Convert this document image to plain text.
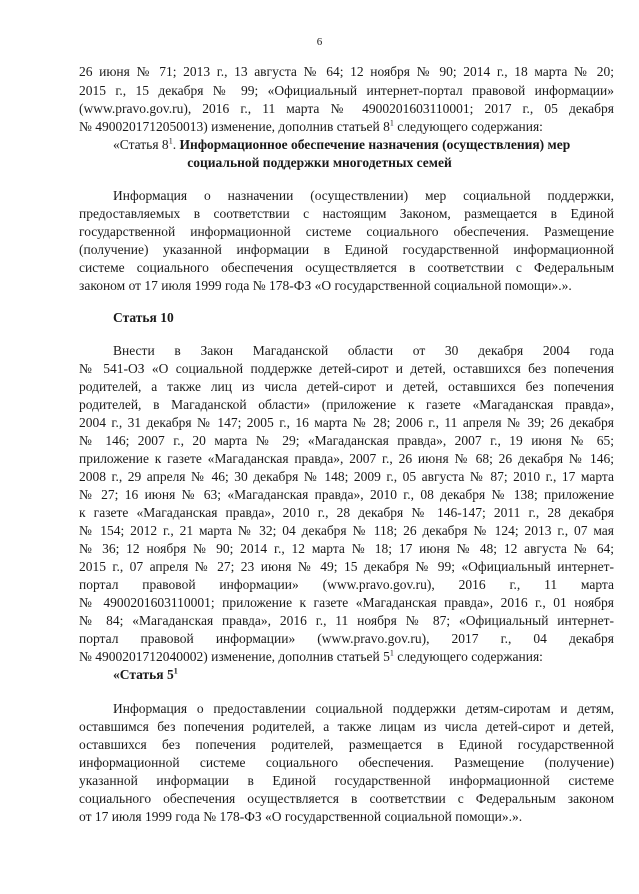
6
26 июня № 71; 2013 г., 13 августа № 64; 12 ноября № 90; 2014 г., 18 марта № 20;
2015 г., 15 декабря № 99; «Официальный интернет-портал правовой информации»
(www.pravo.gov.ru), 2016 г., 11 марта № 4900201603110001; 2017 г., 05 декабря
№ 4900201712050013) изменение, дополнив статьей $8^1$ следующего содержания:
«Статья $8^1$. Информационное обеспечение назначения (осуществления) мер
социальной поддержки многодетных семей
Информация о назначении (осуществлении) мер социальной поддержки,
предоставляемых в соответствии с настоящим Законом, размещается в Единой
государственной информационной системе социального обеспечения. Размещение
(получение) указанной информации в Единой государственной информационной
системе социального обеспечения осуществляется в соответствии с Федеральным
законом от 17 июля 1999 года № 178-ФЗ «О государственной социальной помощи».».
Статья 10
Внести в Закон Магаданской области от 30 декабря 2004 года
№ 541-ОЗ «О социальной поддержке детей-сирот и детей, оставшихся без попечения
родителей, а также лиц из числа детей-сирот и детей, оставшихся без попечения
родителей, в Магаданской области» (приложение к газете «Магаданская правда»,
2004 г., 31 декабря № 147; 2005 г., 16 марта № 28; 2006 г., 11 апреля № 39; 26 декабря
№ 146; 2007 г., 20 марта № 29; «Магаданская правда», 2007 г., 19 июня № 65;
приложение к газете «Магаданская правда», 2007 г., 26 июня № 68; 26 декабря № 146;
2008 г., 29 апреля № 46; 30 декабря № 148; 2009 г., 05 августа № 87; 2010 г., 17 марта
№ 27; 16 июня № 63; «Магаданская правда», 2010 г., 08 декабря № 138; приложение
к газете «Магаданская правда», 2010 г., 28 декабря № 146-147; 2011 г., 28 декабря
№ 154; 2012 г., 21 марта № 32; 04 декабря № 118; 26 декабря № 124; 2013 г., 07 мая
№ 36; 12 ноября № 90; 2014 г., 12 марта № 18; 17 июня № 48; 12 августа № 64;
2015 г., 07 апреля № 27; 23 июня № 49; 15 декабря № 99; «Официальный интернет-
портал правовой информации» (www.pravo.gov.ru), 2016 г., 11 марта
№ 4900201603110001; приложение к газете «Магаданская правда», 2016 г., 01 ноября
№ 84; «Магаданская правда», 2016 г., 11 ноября № 87; «Официальный интернет-
портал правовой информации» (www.pravo.gov.ru), 2017 г., 04 декабря
№ 4900201712040002) изменение, дополнив статьей $5^1$ следующего содержания:
«Статья $5^1$
Информация о предоставлении социальной поддержки детям-сиротам и детям,
оставшимся без попечения родителей, а также лицам из числа детей-сирот и детей,
оставшихся без попечения родителей, размещается в Единой государственной
информационной системе социального обеспечения. Размещение (получение)
указанной информации в Единой государственной информационной системе
социального обеспечения осуществляется в соответствии с Федеральным законом
от 17 июля 1999 года № 178-ФЗ «О государственной социальной помощи».».
